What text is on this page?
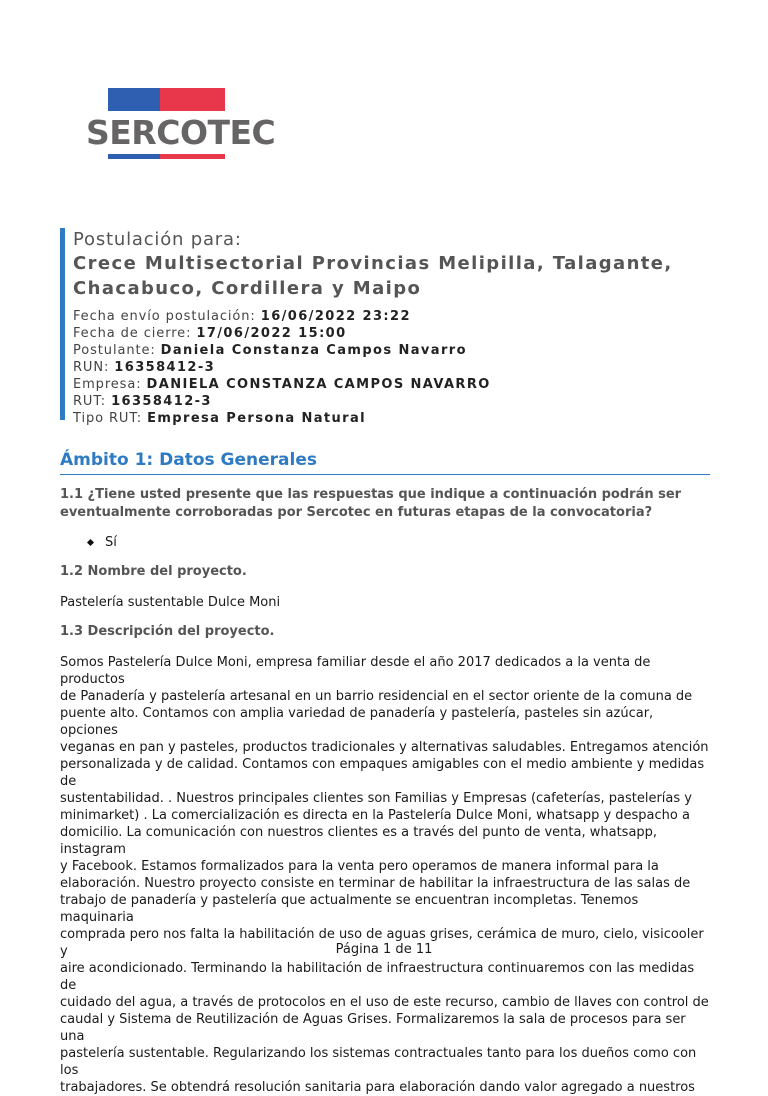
SERCOTEC
Postulación para:
Crece Multisectorial Provincias Melipilla, Talagante,
Chacabuco, Cordillera y Maipo
Fecha envío postulación: 16/06/2022 23:22
Fecha de cierre: 17/06/2022 15:00
Postulante: Daniela Constanza Campos Navarro
RUN: 16358412-3
Empresa: DANIELA CONSTANZA CAMPOS NAVARRO
RUT: 16358412-3
Tipo RUT: Empresa Persona Natural
Ámbito 1: Datos Generales
1.1 ¿Tiene usted presente que las respuestas que indique a continuación podrán ser
eventualmente corroboradas por Sercotec en futuras etapas de la convocatoria?
Sí
1.2 Nombre del proyecto.
Pastelería sustentable Dulce Moni
1.3 Descripción del proyecto.
Somos Pastelería Dulce Moni, empresa familiar desde el año 2017 dedicados a la venta de productos
de Panadería y pastelería artesanal en un barrio residencial en el sector oriente de la comuna de
puente alto. Contamos con amplia variedad de panadería y pastelería, pasteles sin azúcar, opciones
veganas en pan y pasteles, productos tradicionales y alternativas saludables. Entregamos atención
personalizada y de calidad. Contamos con empaques amigables con el medio ambiente y medidas de
sustentabilidad. . Nuestros principales clientes son Familias y Empresas (cafeterías, pastelerías y
minimarket) . La comercialización es directa en la Pastelería Dulce Moni, whatsapp y despacho a
domicilio. La comunicación con nuestros clientes es a través del punto de venta, whatsapp, instagram
y Facebook. Estamos formalizados para la venta pero operamos de manera informal para la
elaboración. Nuestro proyecto consiste en terminar de habilitar la infraestructura de las salas de
trabajo de panadería y pastelería que actualmente se encuentran incompletas. Tenemos maquinaria
comprada pero nos falta la habilitación de uso de aguas grises, cerámica de muro, cielo, visicooler y
aire acondicionado. Terminando la habilitación de infraestructura continuaremos con las medidas de
cuidado del agua, a través de protocolos en el uso de este recurso, cambio de llaves con control de
caudal y Sistema de Reutilización de Aguas Grises. Formalizaremos la sala de procesos para ser una
pastelería sustentable. Regularizando los sistemas contractuales tanto para los dueños como con los
trabajadores. Se obtendrá resolución sanitaria para elaboración dando valor agregado a nuestros
Página 1 de 11
